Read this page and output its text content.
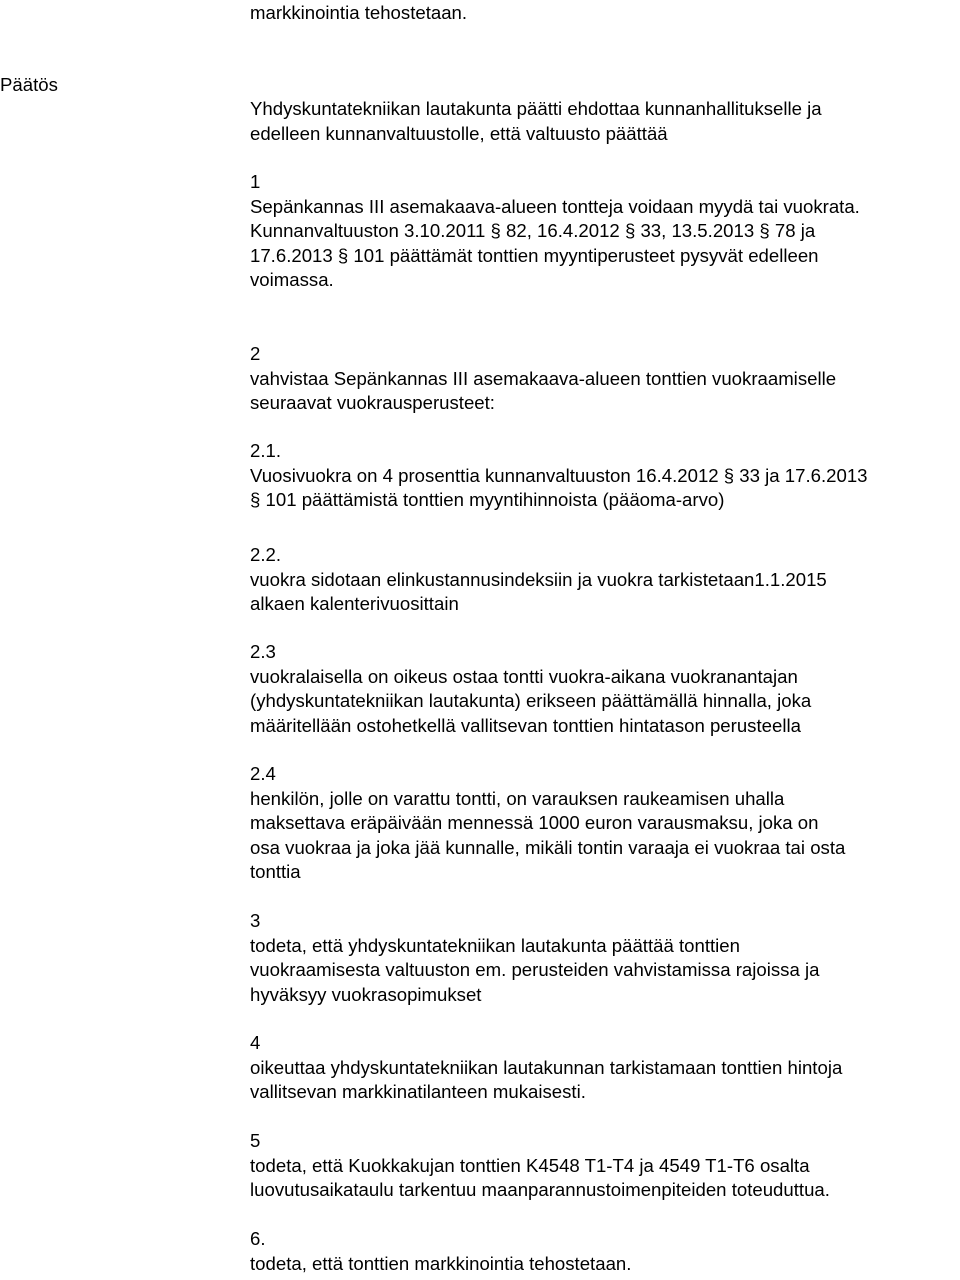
markkinointia tehostetaan.
Päätös
Yhdyskuntatekniikan lautakunta päätti ehdottaa kunnanhallitukselle ja
edelleen kunnanvaltuustolle, että valtuusto päättää
1
Sepänkannas III asemakaava-alueen tontteja voidaan myydä tai vuokrata.
Kunnanvaltuuston 3.10.2011 § 82, 16.4.2012 § 33, 13.5.2013 § 78 ja
17.6.2013 § 101 päättämät tonttien myyntiperusteet pysyvät edelleen
voimassa.
2
vahvistaa Sepänkannas III asemakaava-alueen tonttien vuokraamiselle
seuraavat vuokrausperusteet:
2.1.
Vuosivuokra on 4 prosenttia kunnanvaltuuston 16.4.2012 § 33 ja 17.6.2013
§ 101 päättämistä tonttien myyntihinnoista (pääoma-arvo)
2.2.
vuokra sidotaan elinkustannusindeksiin ja vuokra tarkistetaan1.1.2015
alkaen kalenterivuosittain
2.3
vuokralaisella on oikeus ostaa tontti vuokra-aikana vuokranantajan
(yhdyskuntatekniikan lautakunta) erikseen päättämällä hinnalla, joka
määritellään ostohetkellä vallitsevan tonttien hintatason perusteella
2.4
henkilön, jolle on varattu tontti, on varauksen raukeamisen uhalla
maksettava eräpäivään mennessä 1000 euron varausmaksu, joka on
osa vuokraa ja joka jää kunnalle, mikäli tontin varaaja ei vuokraa tai osta
tonttia
3
todeta, että yhdyskuntatekniikan lautakunta päättää tonttien
vuokraamisesta valtuuston em. perusteiden vahvistamissa rajoissa ja
hyväksyy vuokrasopimukset
4
oikeuttaa yhdyskuntatekniikan lautakunnan tarkistamaan tonttien hintoja
vallitsevan markkinatilanteen mukaisesti.
5
todeta, että Kuokkakujan tonttien K4548 T1-T4 ja 4549 T1-T6 osalta
luovutusaikataulu tarkentuu maanparannustoimenpiteiden toteuduttua.
6.
todeta, että tonttien markkinointia tehostetaan.
